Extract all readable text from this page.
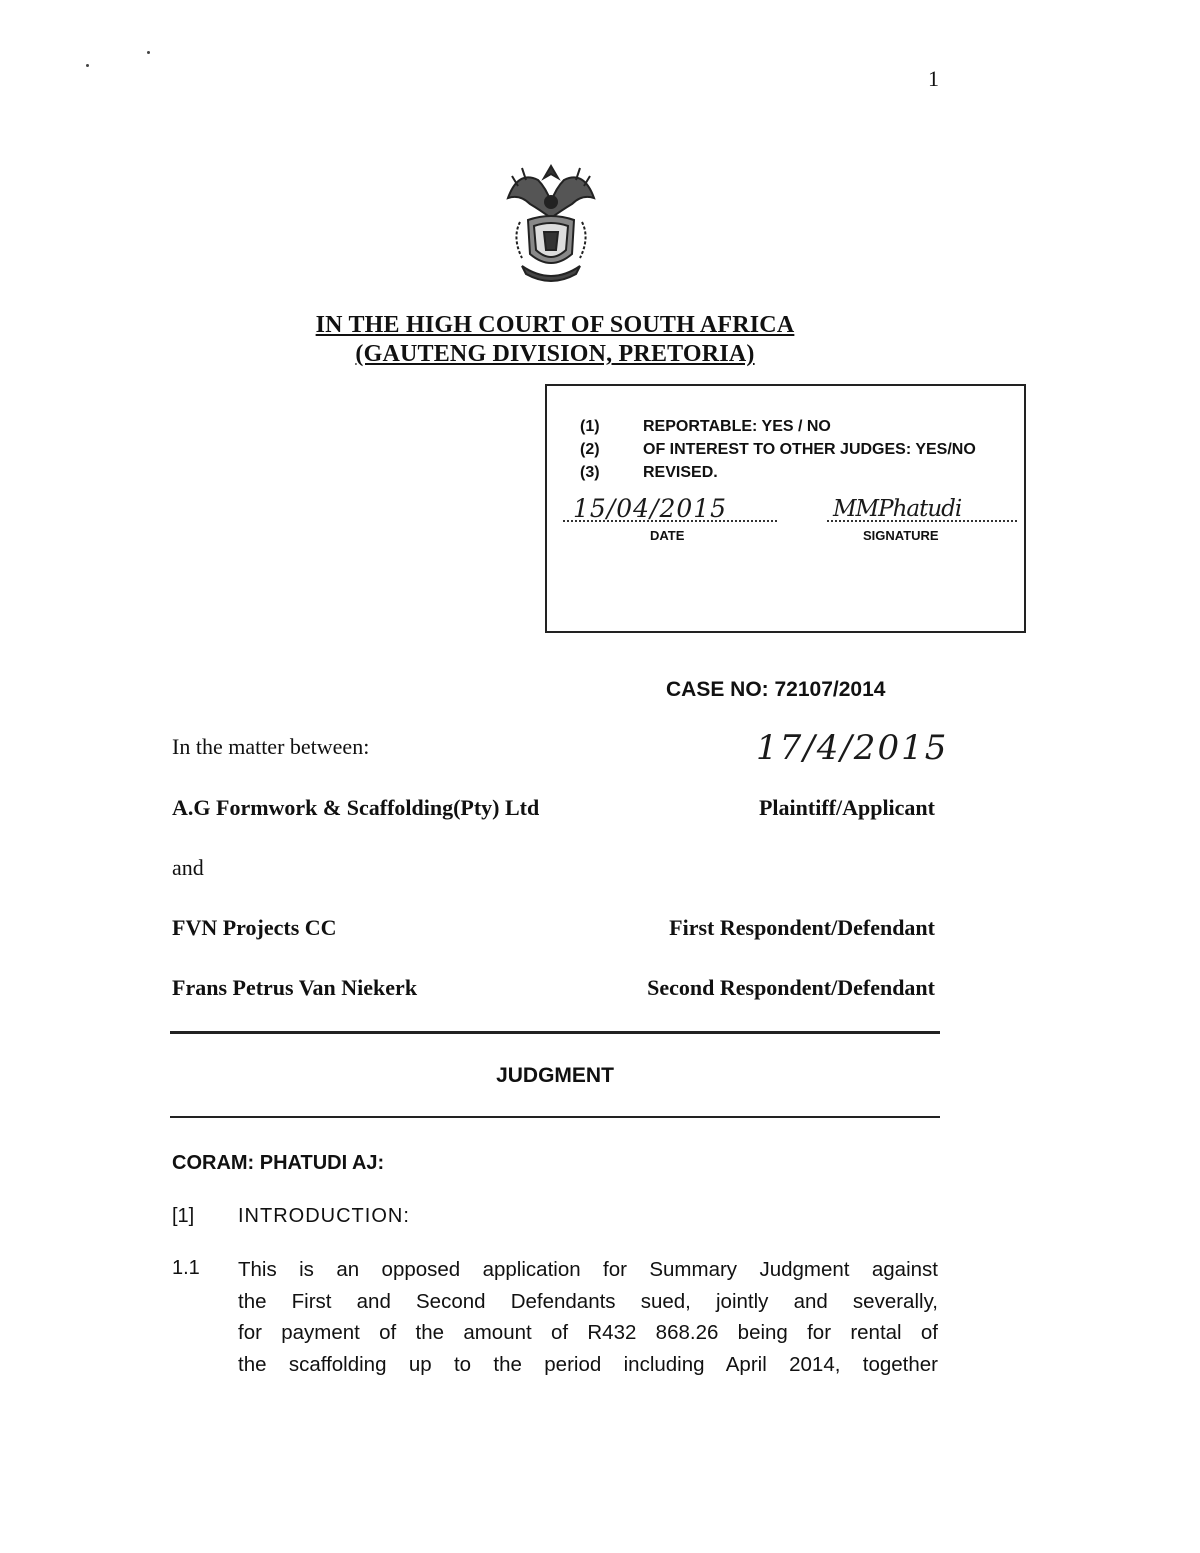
1
IN THE HIGH COURT OF SOUTH AFRICA
(GAUTENG DIVISION, PRETORIA)
(1)	REPORTABLE: YES / NO
(2)	OF INTEREST TO OTHER JUDGES: YES/NO
(3)	REVISED.
15/04/2015
DATE
MMPhatudi
SIGNATURE
CASE NO: 72107/2014
17/4/2015
In the matter between:
A.G Formwork & Scaffolding(Pty) Ltd	Plaintiff/Applicant
and
FVN Projects CC	First Respondent/Defendant
Frans Petrus Van Niekerk	Second Respondent/Defendant
JUDGMENT
CORAM: PHATUDI AJ:
[1] INTRODUCTION:
1.1 This is an opposed application for Summary Judgment against
the First and Second Defendants sued, jointly and severally,
for payment of the amount of R432 868.26 being for rental of
the scaffolding up to the period including April 2014, together
